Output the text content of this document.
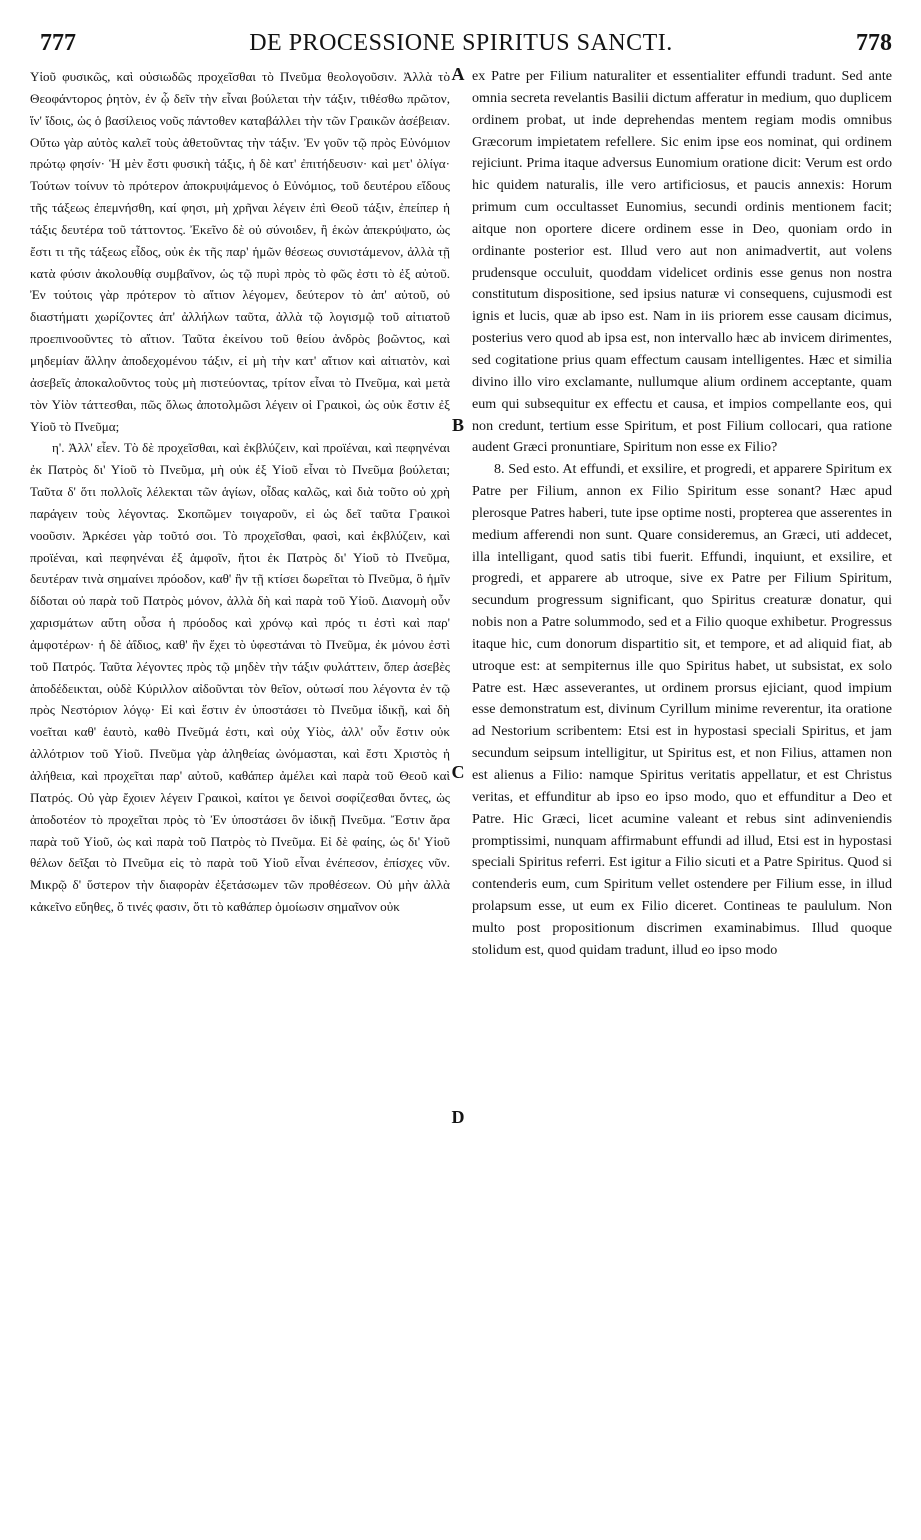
777	DE PROCESSIONE SPIRITUS SANCTI.	778

Υἱοῦ φυσικῶς, καὶ οὐσιωδῶς προχεῖσθαι τὸ Πνεῦμα θεολογοῦσιν. Ἀλλὰ τὸ Θεοφάντορος ῥητὸν, ἐν ᾧ δεῖν τὴν εἶναι βούλεται τὴν τάξιν, τιθέσθω πρῶτον, ἵν' ἴδοις, ὡς ὁ βασίλειος νοῦς πάντοθεν καταβάλλει τὴν τῶν Γραικῶν ἀσέβειαν. Οὕτω γὰρ αὐτὸς καλεῖ τοὺς ἀθετοῦντας τὴν τάξιν. Ἐν γοῦν τῷ πρὸς Εὐνόμιον πρώτῳ φησίν· Ἡ μὲν ἔστι φυσικὴ τάξις, ἡ δὲ κατ' ἐπιτήδευσιν· καὶ μετ' ὀλίγα· Τούτων τοίνυν τὸ πρότερον ἀποκρυψάμενος ὁ Εὐνόμιος, τοῦ δευτέρου εἴδους τῆς τάξεως ἐπεμνήσθη, καί φησι, μὴ χρῆναι λέγειν ἐπὶ Θεοῦ τάξιν, ἐπείπερ ἡ τάξις δευτέρα τοῦ τάττοντος. Ἐκεῖνο δὲ οὐ σύνοιδεν, ἢ ἑκὼν ἀπεκρύψατο, ὡς ἔστι τι τῆς τάξεως εἶδος, οὐκ ἐκ τῆς παρ' ἡμῶν θέσεως συνιστάμενον, ἀλλὰ τῇ κατὰ φύσιν ἀκολουθίᾳ συμβαῖνον, ὡς τῷ πυρὶ πρὸς τὸ φῶς ἐστι τὸ ἐξ αὐτοῦ. Ἐν τούτοις γὰρ πρότερον τὸ αἴτιον λέγομεν, δεύτερον τὸ ἀπ' αὐτοῦ, οὐ διαστήματι χωρίζοντες ἀπ' ἀλλήλων ταῦτα, ἀλλὰ τῷ λογισμῷ τοῦ αἰτιατοῦ προεπινοοῦντες τὸ αἴτιον. Ταῦτα ἐκείνου τοῦ θείου ἀνδρὸς βοῶντος, καὶ μηδεμίαν ἄλλην ἀποδεχομένου τάξιν, εἰ μὴ τὴν κατ' αἴτιον καὶ αἰτιατὸν, καὶ ἀσεβεῖς ἀποκαλοῦντος τοὺς μὴ πιστεύοντας, τρίτον εἶναι τὸ Πνεῦμα, καὶ μετὰ τὸν Υἱὸν τάττεσθαι, πῶς ὅλως ἀποτολμῶσι λέγειν οἱ Γραικοὶ, ὡς οὐκ ἔστιν ἐξ Υἱοῦ τὸ Πνεῦμα;

η'. Ἀλλ' εἶεν. Τὸ δὲ προχεῖσθαι, καὶ ἐκβλύζειν, καὶ προϊέναι, καὶ πεφηνέναι ἐκ Πατρὸς δι' Υἱοῦ τὸ Πνεῦμα, μὴ οὐκ ἐξ Υἱοῦ εἶναι τὸ Πνεῦμα βούλεται; Ταῦτα δ' ὅτι πολλοῖς λέλεκται τῶν ἁγίων, οἶδας καλῶς, καὶ διὰ τοῦτο οὐ χρὴ παράγειν τοὺς λέγοντας. Σκοπῶμεν τοιγαροῦν, εἰ ὡς δεῖ ταῦτα Γραικοὶ νοοῦσιν. Ἀρκέσει γὰρ τοῦτό σοι. Τὸ προχεῖσθαι, φασὶ, καὶ ἐκβλύζειν, καὶ προϊέναι, καὶ πεφηνέναι ἐξ ἀμφοῖν, ἤτοι ἐκ Πατρὸς δι' Υἱοῦ τὸ Πνεῦμα, δευτέραν τινὰ σημαίνει πρόοδον, καθ' ἣν τῇ κτίσει δωρεῖται τὸ Πνεῦμα, ὃ ἡμῖν δίδοται οὐ παρὰ τοῦ Πατρὸς μόνον, ἀλλὰ δὴ καὶ παρὰ τοῦ Υἱοῦ. Διανομὴ οὖν χαρισμάτων αὕτη οὖσα ἡ πρόοδος καὶ χρόνῳ καὶ πρός τι ἐστὶ καὶ παρ' ἀμφοτέρων· ἡ δὲ ἀΐδιος, καθ' ἣν ἔχει τὸ ὑφεστάναι τὸ Πνεῦμα, ἐκ μόνου ἐστὶ τοῦ Πατρός. Ταῦτα λέγοντες πρὸς τῷ μηδὲν τὴν τάξιν φυλάττειν, ὅπερ ἀσεβὲς ἀποδέδεικται, οὐδὲ Κύριλλον αἰδοῦνται τὸν θεῖον, οὑτωσί που λέγοντα ἐν τῷ πρὸς Νεστόριον λόγῳ· Εἰ καὶ ἔστιν ἐν ὑποστάσει τὸ Πνεῦμα ἰδικῇ, καὶ δὴ νοεῖται καθ' ἑαυτὸ, καθὸ Πνεῦμά ἐστι, καὶ οὐχ Υἱὸς, ἀλλ' οὖν ἔστιν οὐκ ἀλλότριον τοῦ Υἱοῦ. Πνεῦμα γὰρ ἀληθείας ὠνόμασται, καὶ ἔστι Χριστὸς ἡ ἀλήθεια, καὶ προχεῖται παρ' αὐτοῦ, καθάπερ ἀμέλει καὶ παρὰ τοῦ Θεοῦ καὶ Πατρός. Οὐ γὰρ ἔχοιεν λέγειν Γραικοὶ, καίτοι γε δεινοὶ σοφίζεσθαι ὄντες, ὡς ἀποδοτέον τὸ προχεῖται πρὸς τὸ Ἐν ὑποστάσει ὂν ἰδικῇ Πνεῦμα. Ἔστιν ἄρα παρὰ τοῦ Υἱοῦ, ὡς καὶ παρὰ τοῦ Πατρὸς τὸ Πνεῦμα. Εἰ δὲ φαίης, ὡς δι' Υἱοῦ θέλων δεῖξαι τὸ Πνεῦμα εἰς τὸ παρὰ τοῦ Υἱοῦ εἶναι ἐνέπεσον, ἐπίσχες νῦν. Μικρῷ δ' ὕστερον τὴν διαφορὰν ἐξετάσωμεν τῶν προθέσεων. Οὐ μὴν ἀλλὰ κἀκεῖνο εὔηθες, ὅ τινές φασιν, ὅτι τὸ καθάπερ ὁμοίωσιν σημαῖνον οὐκ

A
B
C
D

ex Patre per Filium naturaliter et essentialiter effundi tradunt. Sed ante omnia secreta revelantis Basilii dictum afferatur in medium, quo duplicem ordinem probat, ut inde deprehendas mentem regiam modis omnibus Græcorum impietatem refellere. Sic enim ipse eos nominat, qui ordinem rejiciunt. Prima itaque adversus Eunomium oratione dicit: Verum est ordo hic quidem naturalis, ille vero artificiosus, et paucis annexis: Horum primum cum occultasset Eunomius, secundi ordinis mentionem facit; aitque non oportere dicere ordinem esse in Deo, quoniam ordo in ordinante posterior est. Illud vero aut non animadvertit, aut volens prudensque occuluit, quoddam videlicet ordinis esse genus non nostra constitutum dispositione, sed ipsius naturæ vi consequens, cujusmodi est ignis et lucis, quæ ab ipso est. Nam in iis priorem esse causam dicimus, posterius vero quod ab ipsa est, non intervallo hæc ab invicem dirimentes, sed cogitatione prius quam effectum causam intelligentes. Hæc et similia divino illo viro exclamante, nullumque alium ordinem acceptante, quam eum qui subsequitur ex effectu et causa, et impios compellante eos, qui non credunt, tertium esse Spiritum, et post Filium collocari, qua ratione audent Græci pronuntiare, Spiritum non esse ex Filio?

8. Sed esto. At effundi, et exsilire, et progredi, et apparere Spiritum ex Patre per Filium, annon ex Filio Spiritum esse sonant? Hæc apud plerosque Patres haberi, tute ipse optime nosti, propterea que asserentes in medium afferendi non sunt. Quare consideremus, an Græci, uti addecet, illa intelligant, quod satis tibi fuerit. Effundi, inquiunt, et exsilire, et progredi, et apparere ab utroque, sive ex Patre per Filium Spiritum, secundum progressum significant, quo Spiritus creaturæ donatur, qui nobis non a Patre solummodo, sed et a Filio quoque exhibetur. Progressus itaque hic, cum donorum dispartitio sit, et tempore, et ad aliquid fiat, ab utroque est: at sempiternus ille quo Spiritus habet, ut subsistat, ex solo Patre est. Hæc asseverantes, ut ordinem prorsus ejiciant, quod impium esse demonstratum est, divinum Cyrillum minime reverentur, ita oratione ad Nestorium scribentem: Etsi est in hypostasi speciali Spiritus, et jam secundum seipsum intelligitur, ut Spiritus est, et non Filius, attamen non est alienus a Filio: namque Spiritus veritatis appellatur, et est Christus veritas, et effunditur ab ipso eo ipso modo, quo et effunditur a Deo et Patre. Hic Græci, licet acumine valeant et rebus sint adinveniendis promptissimi, nunquam affirmabunt effundi ad illud, Etsi est in hypostasi speciali Spiritus referri. Est igitur a Filio sicuti et a Patre Spiritus. Quod si contenderis eum, cum Spiritum vellet ostendere per Filium esse, in illud prolapsum esse, ut eum ex Filio diceret. Contineas te paululum. Non multo post propositionum discrimen examinabimus. Illud quoque stolidum est, quod quidam tradunt, illud eo ipso modo
